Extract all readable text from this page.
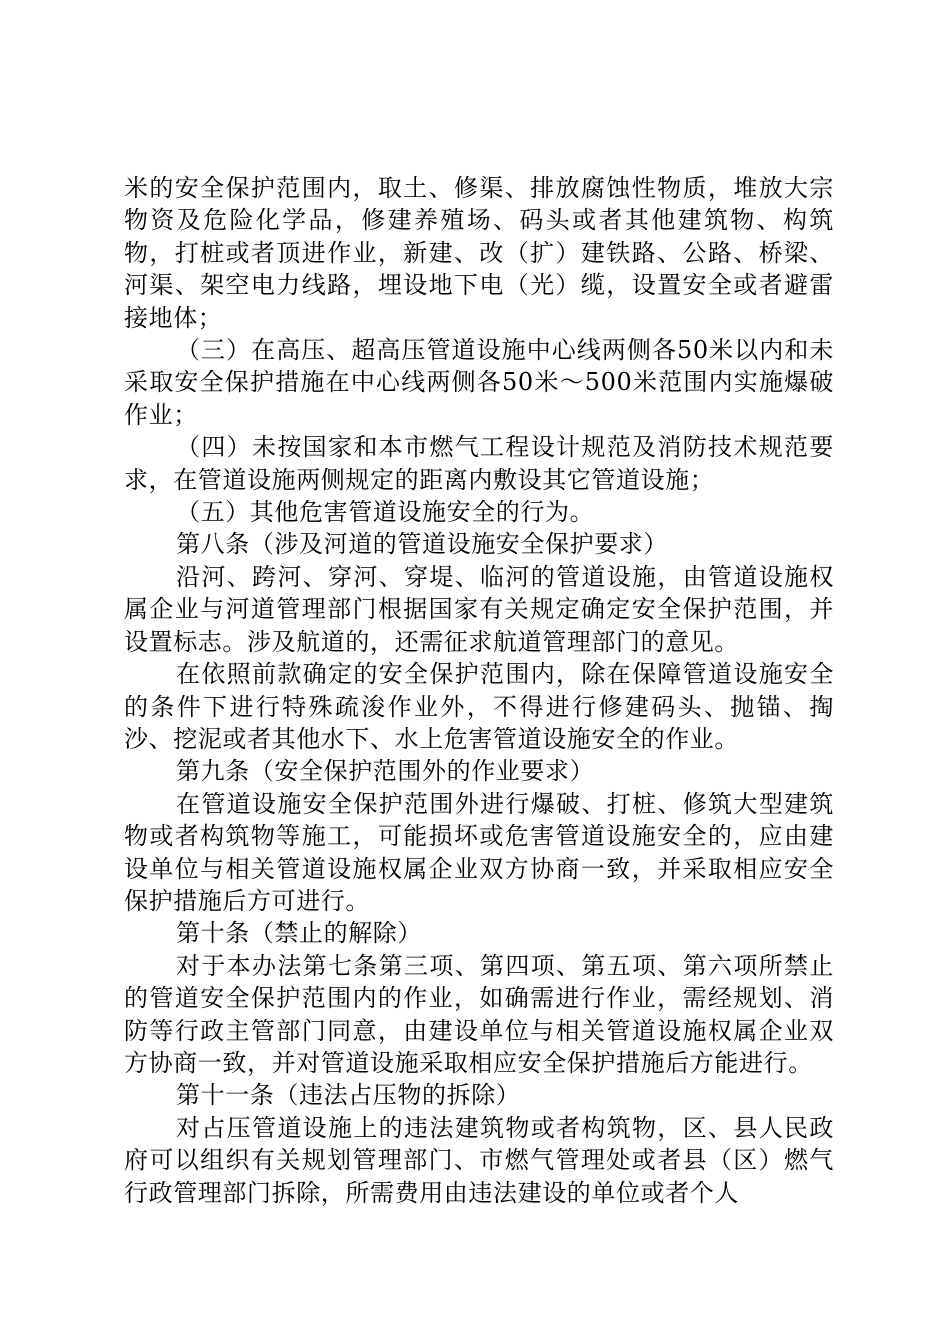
米的安全保护范围内，取土、修渠、排放腐蚀性物质，堆放大宗物资及危险化学品，修建养殖场、码头或者其他建筑物、构筑物，打桩或者顶进作业，新建、改（扩）建铁路、公路、桥梁、河渠、架空电力线路，埋设地下电（光）缆，设置安全或者避雷接地体；

（三）在高压、超高压管道设施中心线两侧各50米以内和未采取安全保护措施在中心线两侧各50米～500米范围内实施爆破作业；

（四）未按国家和本市燃气工程设计规范及消防技术规范要求，在管道设施两侧规定的距离内敷设其它管道设施；

（五）其他危害管道设施安全的行为。

第八条（涉及河道的管道设施安全保护要求）

沿河、跨河、穿河、穿堤、临河的管道设施，由管道设施权属企业与河道管理部门根据国家有关规定确定安全保护范围，并设置标志。涉及航道的，还需征求航道管理部门的意见。

在依照前款确定的安全保护范围内，除在保障管道设施安全的条件下进行特殊疏浚作业外，不得进行修建码头、抛锚、掏沙、挖泥或者其他水下、水上危害管道设施安全的作业。

第九条（安全保护范围外的作业要求）

在管道设施安全保护范围外进行爆破、打桩、修筑大型建筑物或者构筑物等施工，可能损坏或危害管道设施安全的，应由建设单位与相关管道设施权属企业双方协商一致，并采取相应安全保护措施后方可进行。

第十条（禁止的解除）

对于本办法第七条第三项、第四项、第五项、第六项所禁止的管道安全保护范围内的作业，如确需进行作业，需经规划、消防等行政主管部门同意，由建设单位与相关管道设施权属企业双方协商一致，并对管道设施采取相应安全保护措施后方能进行。

第十一条（违法占压物的拆除）

对占压管道设施上的违法建筑物或者构筑物，区、县人民政府可以组织有关规划管理部门、市燃气管理处或者县（区）燃气行政管理部门拆除，所需费用由违法建设的单位或者个人
